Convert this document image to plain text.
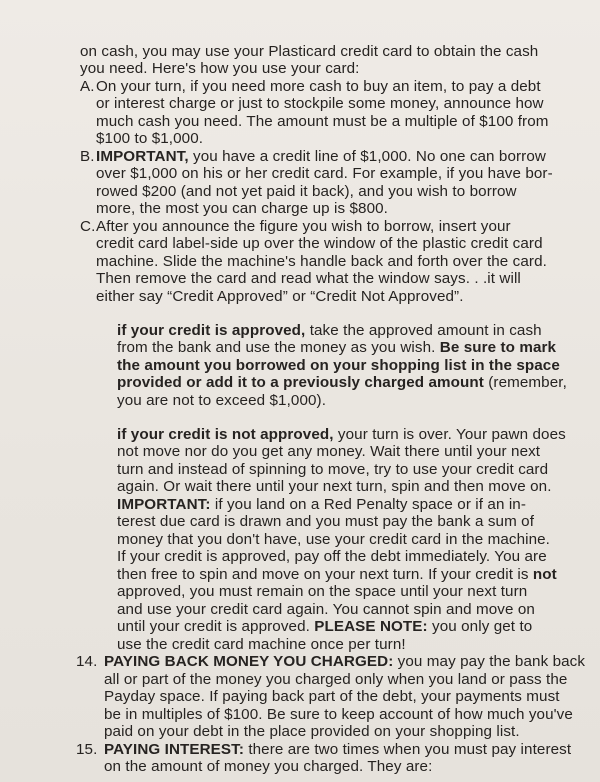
on cash, you may use your Plasticard credit card to obtain the cash
you need. Here's how you use your card:
A. On your turn, if you need more cash to buy an item, to pay a debt
or interest charge or just to stockpile some money, announce how
much cash you need. The amount must be a multiple of $100 from
$100 to $1,000.
B. IMPORTANT, you have a credit line of $1,000. No one can borrow
over $1,000 on his or her credit card. For example, if you have bor-
rowed $200 (and not yet paid it back), and you wish to borrow
more, the most you can charge up is $800.
C. After you announce the figure you wish to borrow, insert your
credit card label-side up over the window of the plastic credit card
machine. Slide the machine's handle back and forth over the card.
Then remove the card and read what the window says. . .it will
either say “Credit Approved” or “Credit Not Approved”.
if your credit is approved, take the approved amount in cash
from the bank and use the money as you wish. Be sure to mark
the amount you borrowed on your shopping list in the space
provided or add it to a previously charged amount (remember,
you are not to exceed $1,000).
if your credit is not approved, your turn is over. Your pawn does
not move nor do you get any money. Wait there until your next
turn and instead of spinning to move, try to use your credit card
again. Or wait there until your next turn, spin and then move on.
IMPORTANT: if you land on a Red Penalty space or if an in-
terest due card is drawn and you must pay the bank a sum of
money that you don't have, use your credit card in the machine.
If your credit is approved, pay off the debt immediately. You are
then free to spin and move on your next turn. If your credit is not
approved, you must remain on the space until your next turn
and use your credit card again. You cannot spin and move on
until your credit is approved. PLEASE NOTE: you only get to
use the credit card machine once per turn!
14. PAYING BACK MONEY YOU CHARGED: you may pay the bank back
all or part of the money you charged only when you land or pass the
Payday space. If paying back part of the debt, your payments must
be in multiples of $100. Be sure to keep account of how much you've
paid on your debt in the place provided on your shopping list.
15. PAYING INTEREST: there are two times when you must pay interest
on the amount of money you charged. They are:
